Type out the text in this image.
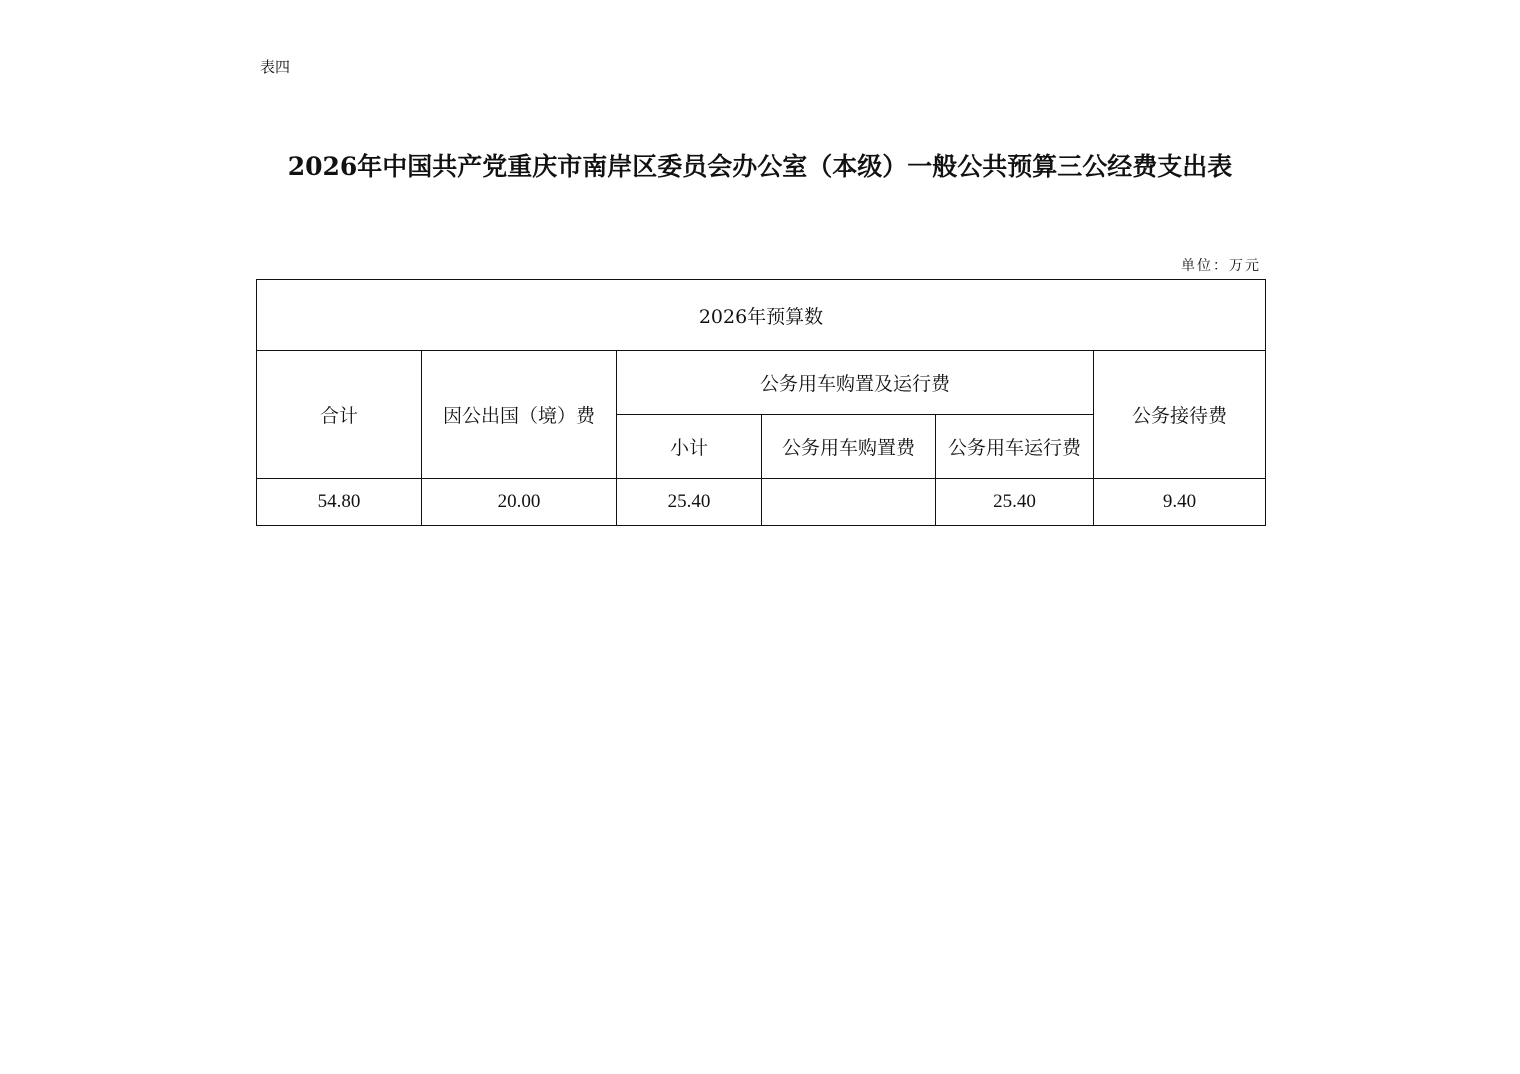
表四
2026年中国共产党重庆市南岸区委员会办公室（本级）一般公共预算三公经费支出表
单位：万元
2026年预算数					
合计	因公出国（境）费	公务用车购置及运行费			公务接待费
		小计	公务用车购置费	公务用车运行费	
54.80	20.00	25.40		25.40	9.40
